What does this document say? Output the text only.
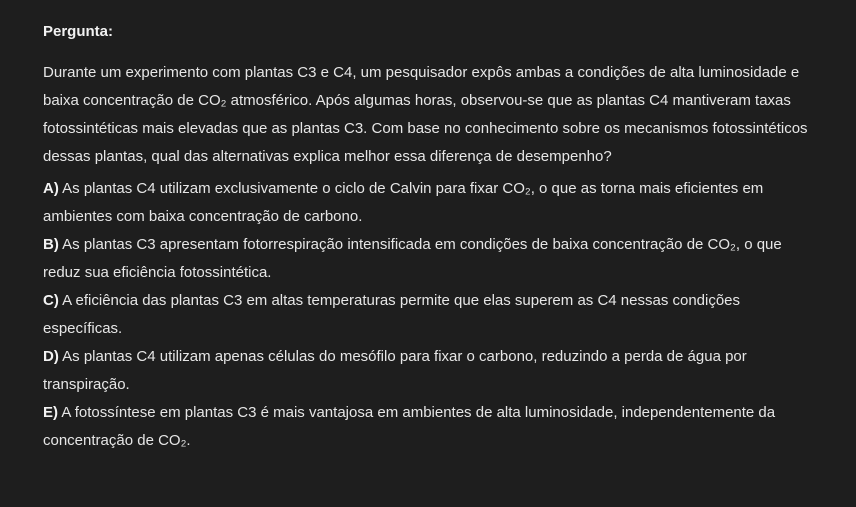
Pergunta:
Durante um experimento com plantas C3 e C4, um pesquisador expôs ambas a condições de alta luminosidade e baixa concentração de CO₂ atmosférico. Após algumas horas, observou-se que as plantas C4 mantiveram taxas fotossintéticas mais elevadas que as plantas C3. Com base no conhecimento sobre os mecanismos fotossintéticos dessas plantas, qual das alternativas explica melhor essa diferença de desempenho?
A) As plantas C4 utilizam exclusivamente o ciclo de Calvin para fixar CO₂, o que as torna mais eficientes em ambientes com baixa concentração de carbono.
B) As plantas C3 apresentam fotorrespiração intensificada em condições de baixa concentração de CO₂, o que reduz sua eficiência fotossintética.
C) A eficiência das plantas C3 em altas temperaturas permite que elas superem as C4 nessas condições específicas.
D) As plantas C4 utilizam apenas células do mesófilo para fixar o carbono, reduzindo a perda de água por transpiração.
E) A fotossíntese em plantas C3 é mais vantajosa em ambientes de alta luminosidade, independentemente da concentração de CO₂.
